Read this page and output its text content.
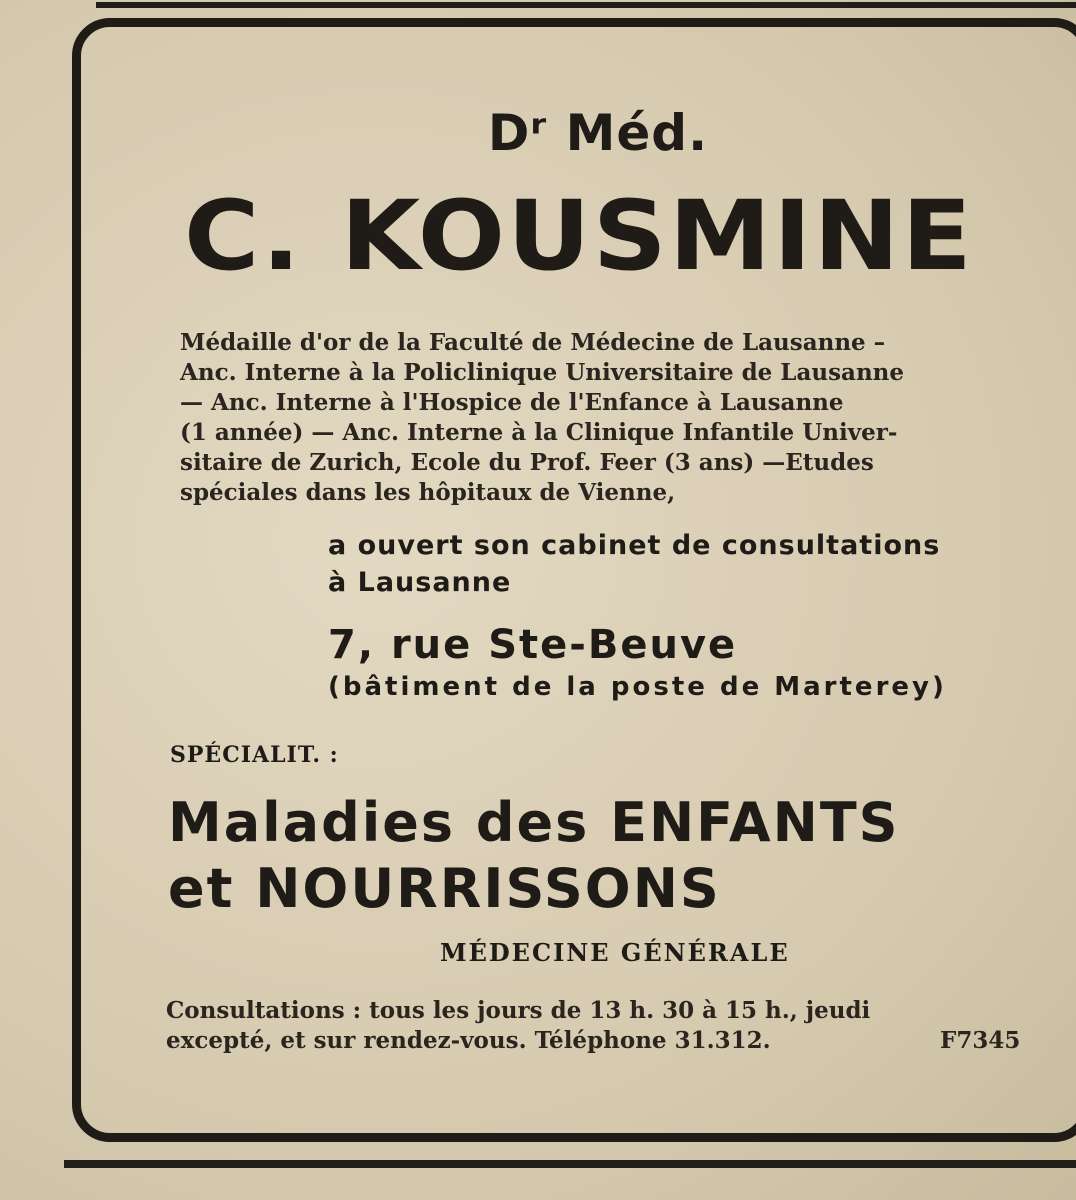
Dʳ Méd.
C. KOUSMINE
Médaille d'or de la Faculté de Médecine de Lausanne –
Anc. Interne à la Policlinique Universitaire de Lausanne
— Anc. Interne à l'Hospice de l'Enfance à Lausanne
(1 année) — Anc. Interne à la Clinique Infantile Univer-
sitaire de Zurich, Ecole du Prof. Feer (3 ans) —Etudes
spéciales dans les hôpitaux de Vienne,
a ouvert son cabinet de consultations
à Lausanne
7, rue Ste-Beuve
(bâtiment de la poste de Marterey)
SPÉCIALIT. :
Maladies des ENFANTS
et NOURRISSONS
MÉDECINE GÉNÉRALE
Consultations : tous les jours de 13 h. 30 à 15 h., jeudi
excepté, et sur rendez-vous. Téléphone 31.312.	F7345
